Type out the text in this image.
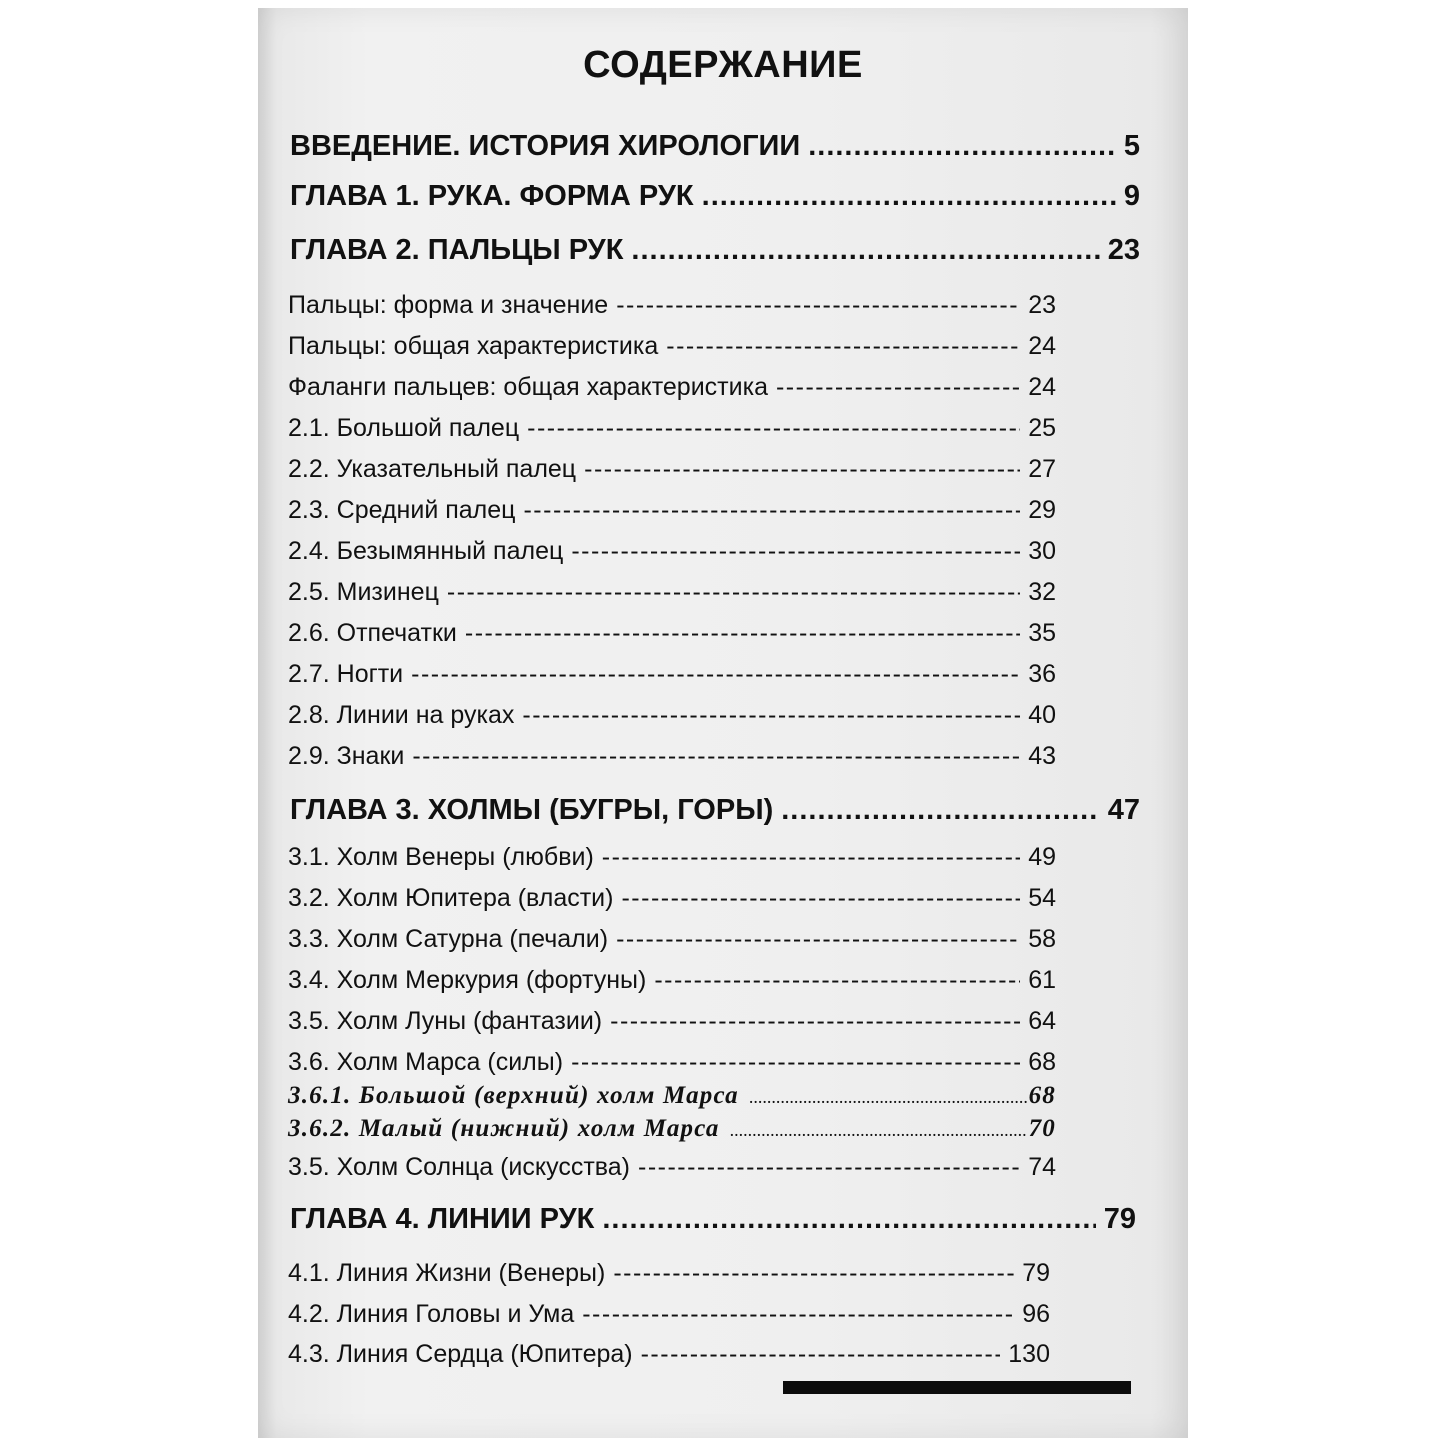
СОДЕРЖАНИЕ
ВВЕДЕНИЕ. ИСТОРИЯ ХИРОЛОГИИ .....	5
ГЛАВА 1. РУКА. ФОРМА РУК .....	9
ГЛАВА 2. ПАЛЬЦЫ РУК .....	23
Пальцы: форма и значение -----	23
Пальцы: общая характеристика -----	24
Фаланги пальцев: общая характеристика -----	24
2.1. Большой палец -----	25
2.2. Указательный палец -----	27
2.3. Средний палец -----	29
2.4. Безымянный палец -----	30
2.5. Мизинец -----	32
2.6. Отпечатки -----	35
2.7. Ногти -----	36
2.8. Линии на руках -----	40
2.9. Знаки -----	43
ГЛАВА 3. ХОЛМЫ (БУГРЫ, ГОРЫ) .....	47
3.1. Холм Венеры (любви) -----	49
3.2. Холм Юпитера (власти) -----	54
3.3. Холм Сатурна (печали) -----	58
3.4. Холм Меркурия (фортуны) -----	61
3.5. Холм Луны (фантазии) -----	64
3.6. Холм Марса (силы) -----	68
3.6.1. Большой (верхний) холм Марса .....	68
3.6.2. Малый (нижний) холм Марса .....	70
3.5. Холм Солнца (искусства) -----	74
ГЛАВА 4. ЛИНИИ РУК .....	79
4.1. Линия Жизни (Венеры) -----	79
4.2. Линия Головы и Ума -----	96
4.3. Линия Сердца (Юпитера) -----	130
